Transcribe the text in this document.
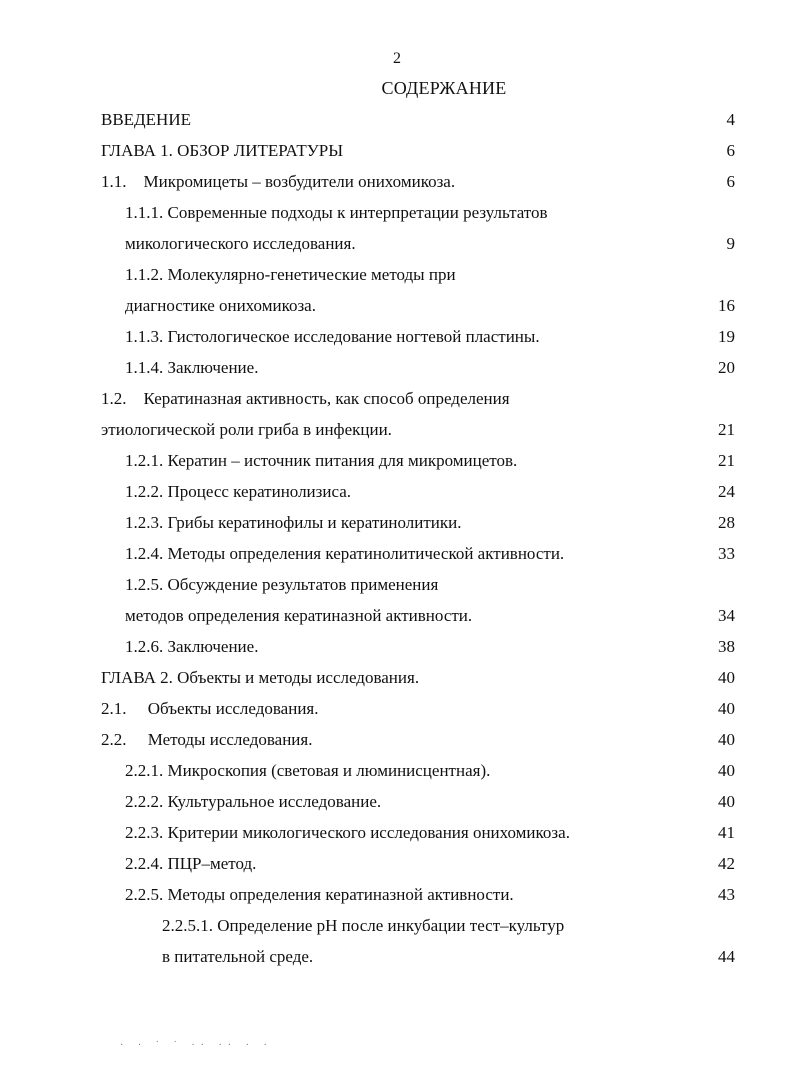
2
СОДЕРЖАНИЕ
ВВЕДЕНИЕ	4
ГЛАВА 1. ОБЗОР ЛИТЕРАТУРЫ	6
1.1.    Микромицеты – возбудители онихомикоза.	6
1.1.1. Современные подходы к интерпретации результатов
микологического исследования.	9
1.1.2. Молекулярно-генетические методы при
диагностике онихомикоза.	16
1.1.3. Гистологическое исследование ногтевой пластины.	19
1.1.4. Заключение.	20
1.2.    Кератиназная активность, как способ определения
этиологической роли гриба в инфекции.	21
1.2.1. Кератин – источник питания для микромицетов.	21
1.2.2. Процесс кератинолизиса.	24
1.2.3. Грибы кератинофилы и кератинолитики.	28
1.2.4. Методы определения кератинолитической активности.	33
1.2.5. Обсуждение результатов применения
методов определения кератиназной активности.	34
1.2.6. Заключение.	38
ГЛАВА 2. Объекты и методы исследования.	40
2.1.     Объекты исследования.	40
2.2.     Методы исследования.	40
2.2.1. Микроскопия (световая и люминисцентная).	40
2.2.2. Культуральное исследование.	40
2.2.3. Критерии микологического исследования онихомикоза.	41
2.2.4. ПЦР–метод.	42
2.2.5. Методы определения кератиназной активности.	43
2.2.5.1. Определение рН после инкубации тест–культур
в питательной среде.	44
· · ˙ ˙ ·· ·· · ·
